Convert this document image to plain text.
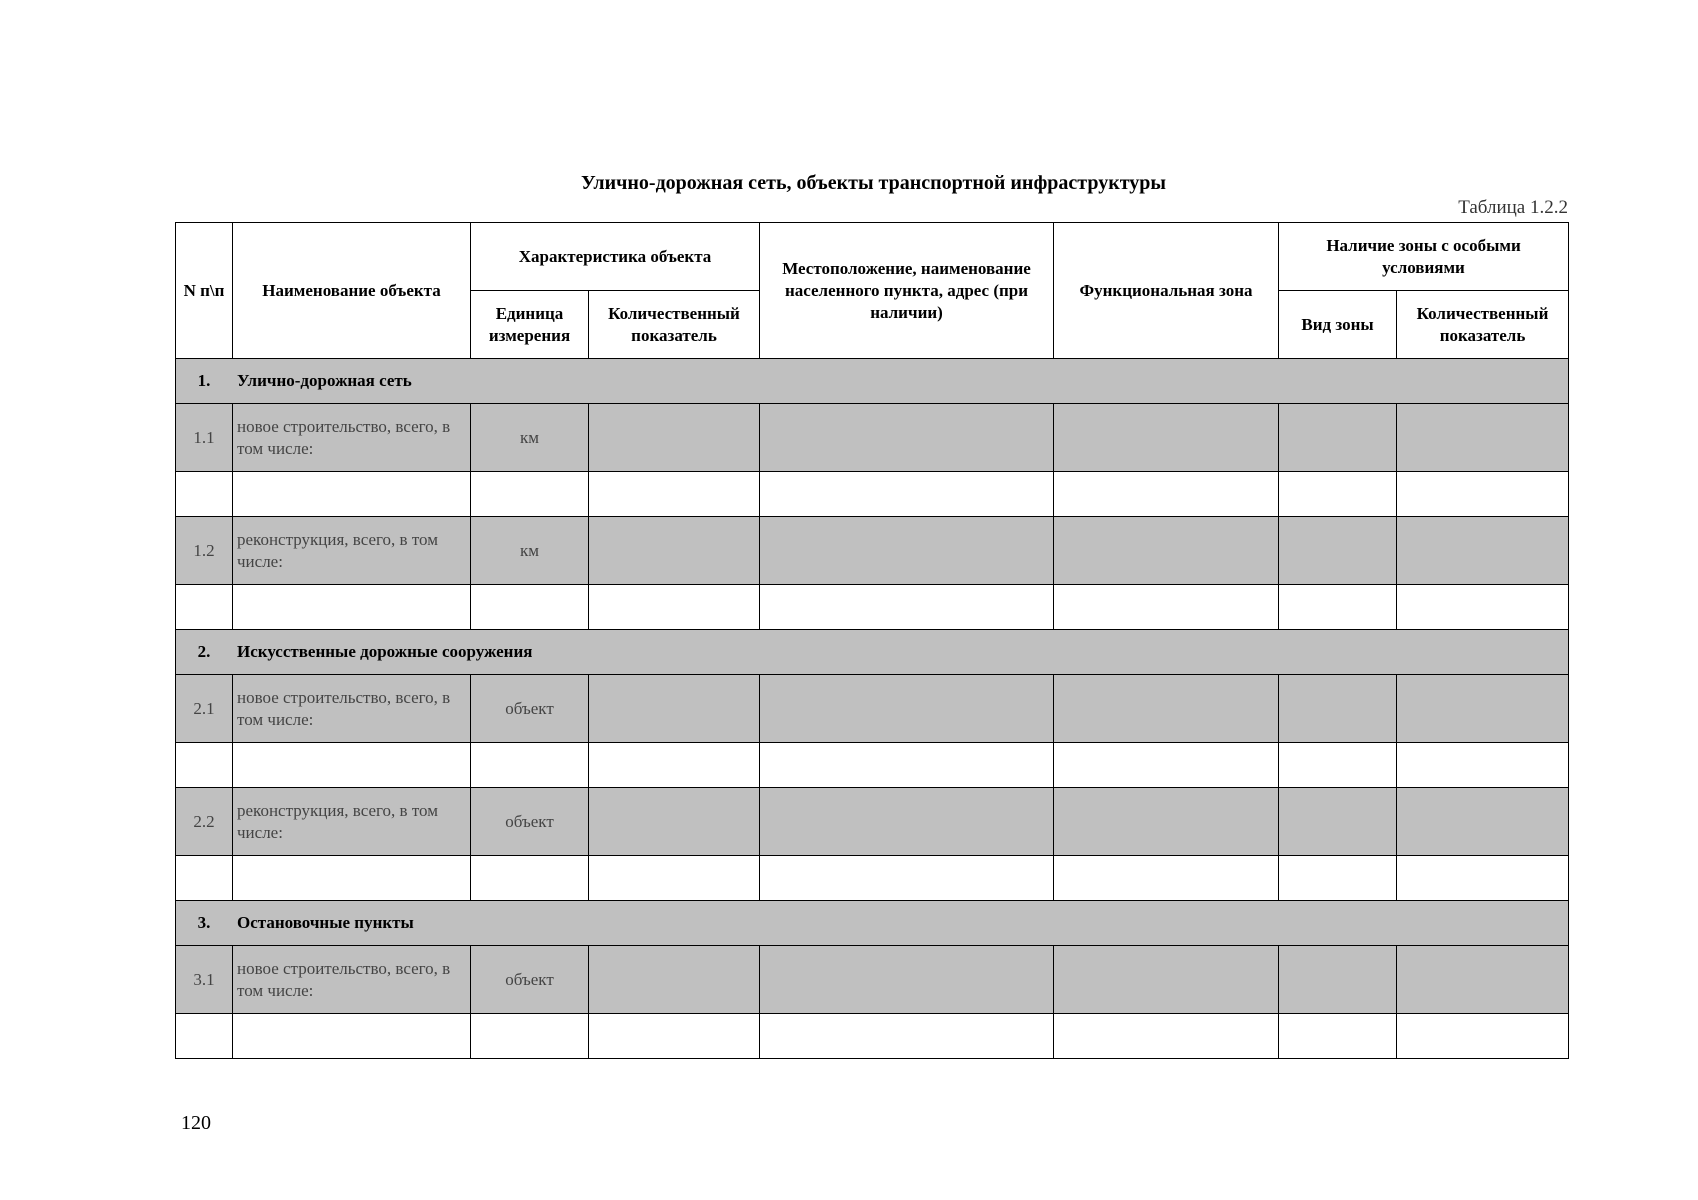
Улично-дорожная сеть, объекты транспортной инфраструктуры
Таблица 1.2.2
N п\п	Наименование объекта	Характеристика объекта		Местоположение, наименование населенного пункта, адрес (при наличии)	Функциональная зона	Наличие зоны с особыми условиями	
		Единица измерения	Количественный показатель			Вид зоны	Количественный показатель
1.	Улично-дорожная сеть						
1.1	новое строительство, всего, в том числе:	км					

1.2	реконструкция, всего, в том числе:	км					

2.	Искусственные дорожные сооружения						
2.1	новое строительство, всего, в том числе:	объект					

2.2	реконструкция, всего, в том числе:	объект					

3.	Остановочные пункты						
3.1	новое строительство, всего, в том числе:	объект					

120
